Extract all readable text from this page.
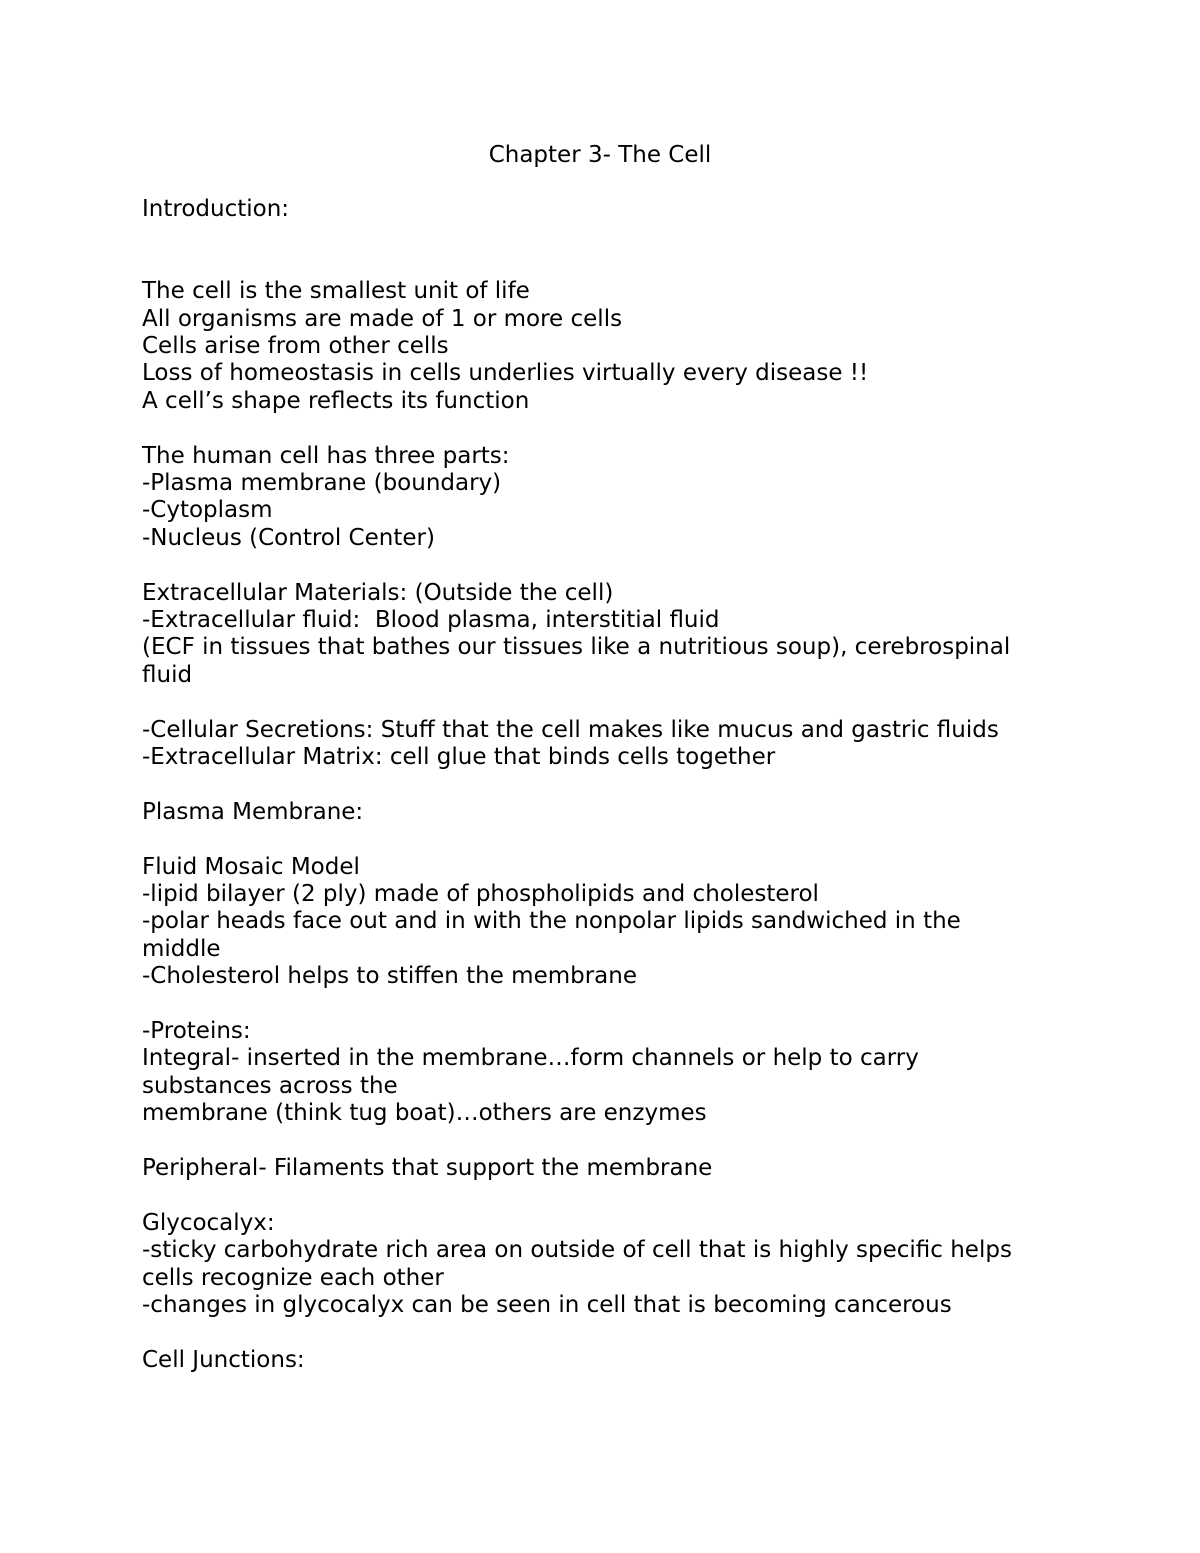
Chapter 3- The Cell

Introduction:

The cell is the smallest unit of life

All organisms are made of 1 or more cells

Cells arise from other cells

Loss of homeostasis in cells underlies virtually every disease !!

A cell’s shape reflects its function

The human cell has three parts:

-Plasma membrane (boundary)

-Cytoplasm

-Nucleus (Control Center)

Extracellular Materials: (Outside the cell)

-Extracellular fluid:  Blood plasma, interstitial fluid

(ECF in tissues that bathes our tissues like a nutritious soup), cerebrospinal

fluid

-Cellular Secretions: Stuff that the cell makes like mucus and gastric fluids

-Extracellular Matrix: cell glue that binds cells together

Plasma Membrane:

Fluid Mosaic Model

-lipid bilayer (2 ply) made of phospholipids and cholesterol

-polar heads face out and in with the nonpolar lipids sandwiched in the

middle

-Cholesterol helps to stiffen the membrane

-Proteins:

Integral- inserted in the membrane…form channels or help to carry

substances across the

membrane (think tug boat)…others are enzymes

Peripheral- Filaments that support the membrane

Glycocalyx:

-sticky carbohydrate rich area on outside of cell that is highly specific helps

cells recognize each other

-changes in glycocalyx can be seen in cell that is becoming cancerous

Cell Junctions:
